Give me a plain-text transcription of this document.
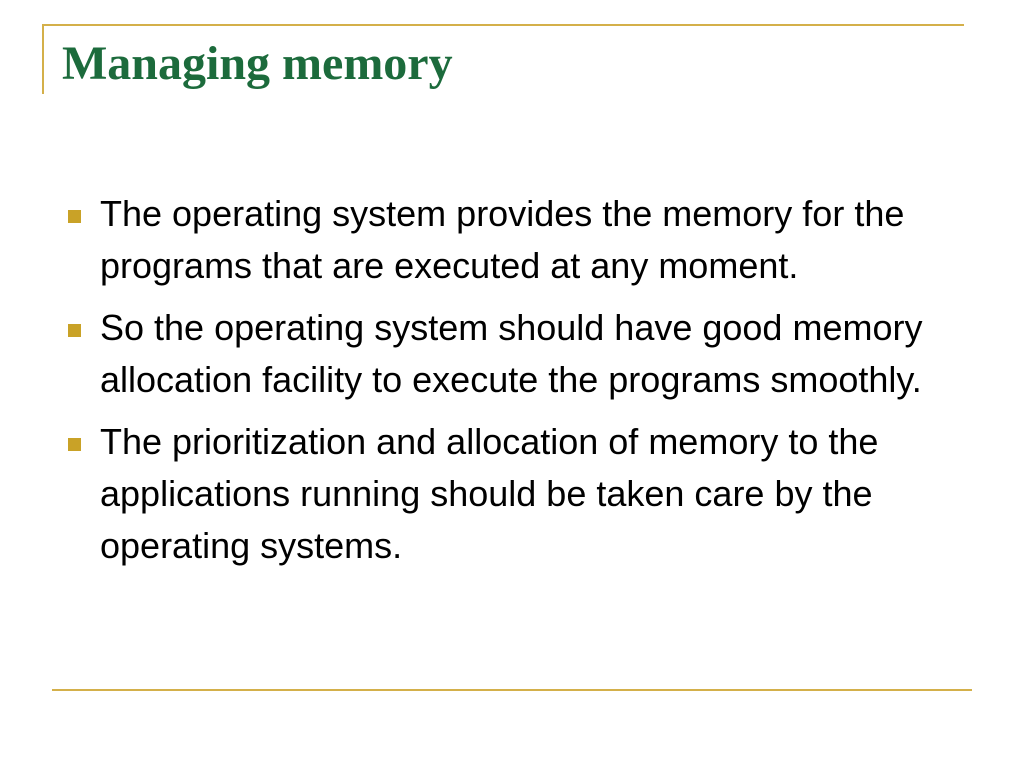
Managing memory
The operating system provides the memory for the programs that are executed at any moment.
So the operating system should have good memory allocation facility to execute the programs smoothly.
The prioritization and allocation of memory to the applications running should be taken care by the operating systems.
